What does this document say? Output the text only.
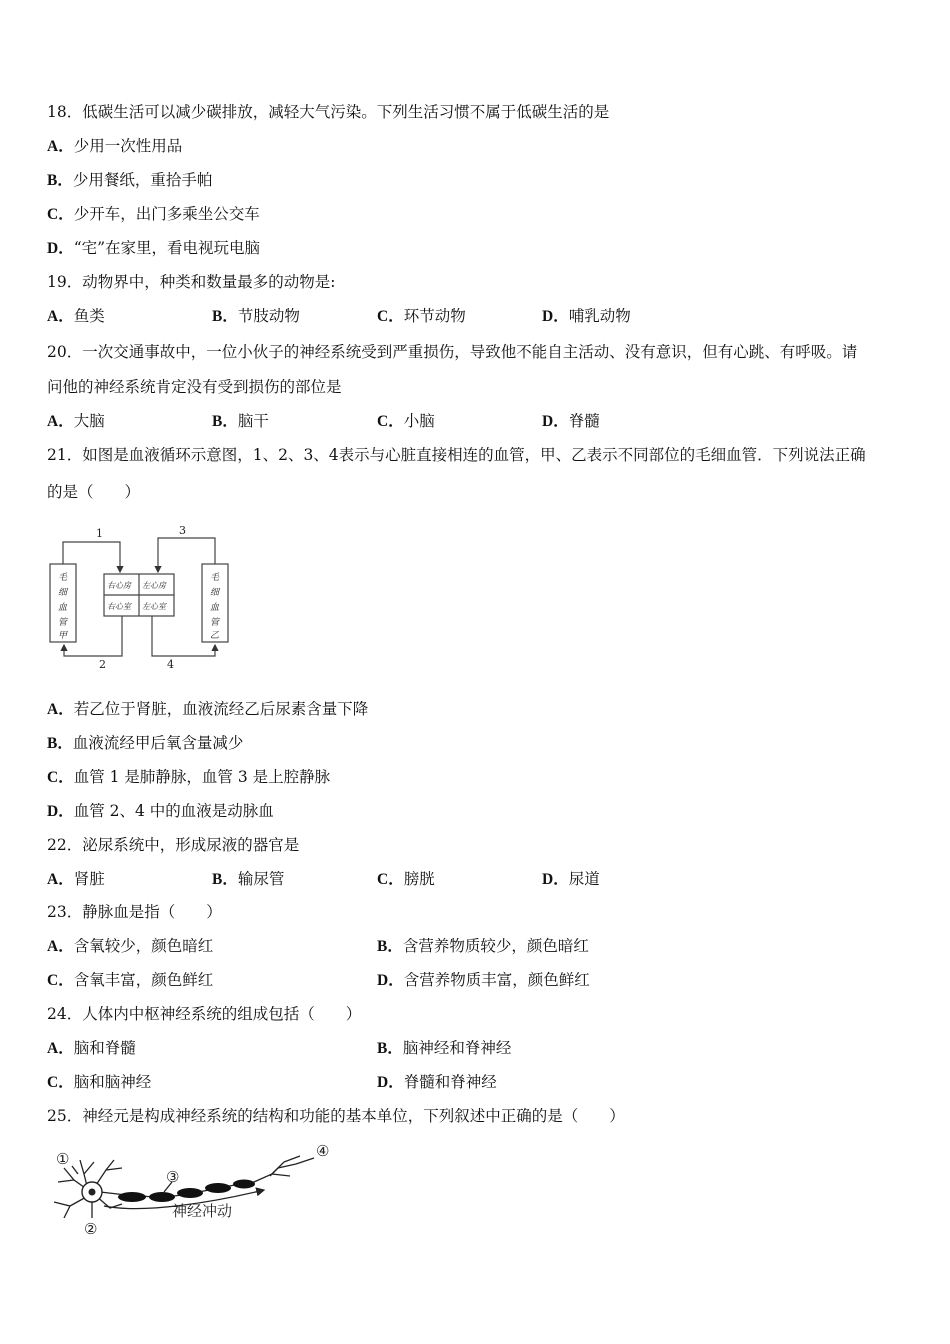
18．低碳生活可以减少碳排放，减轻大气污染。下列生活习惯不属于低碳生活的是
A．少用一次性用品
B．少用餐纸，重拾手帕
C．少开车，出门多乘坐公交车
D．“宅”在家里，看电视玩电脑
19．动物界中，种类和数量最多的动物是:
A．鱼类	B．节肢动物	C．环节动物	D．哺乳动物
20．一次交通事故中，一位小伙子的神经系统受到严重损伤，导致他不能自主活动、没有意识，但有心跳、有呼吸。请
问他的神经系统肯定没有受到损伤的部位是
A．大脑	B．脑干	C．小脑	D．脊髓
21．如图是血液循环示意图，1、2、3、4表示与心脏直接相连的血管，甲、乙表示不同部位的毛细血管．下列说法正确
的是（　　）
毛
细
血
管
甲
毛
细
血
管
乙
右心房 左心房
右心室 左心室
1
2
3
4
A．若乙位于肾脏，血液流经乙后尿素含量下降
B．血液流经甲后氧含量减少
C．血管 1 是肺静脉，血管 3 是上腔静脉
D．血管 2、4 中的血液是动脉血
22．泌尿系统中，形成尿液的器官是
A．肾脏	B．输尿管	C．膀胱	D．尿道
23．静脉血是指（　　）
A．含氧较少，颜色暗红	B．含营养物质较少，颜色暗红
C．含氧丰富，颜色鲜红	D．含营养物质丰富，颜色鲜红
24．人体内中枢神经系统的组成包括（　　）
A．脑和脊髓	B．脑神经和脊神经
C．脑和脑神经	D．脊髓和脊神经
25．神经元是构成神经系统的结构和功能的基本单位，下列叙述中正确的是（　　）
①
②
③
④
神经冲动
